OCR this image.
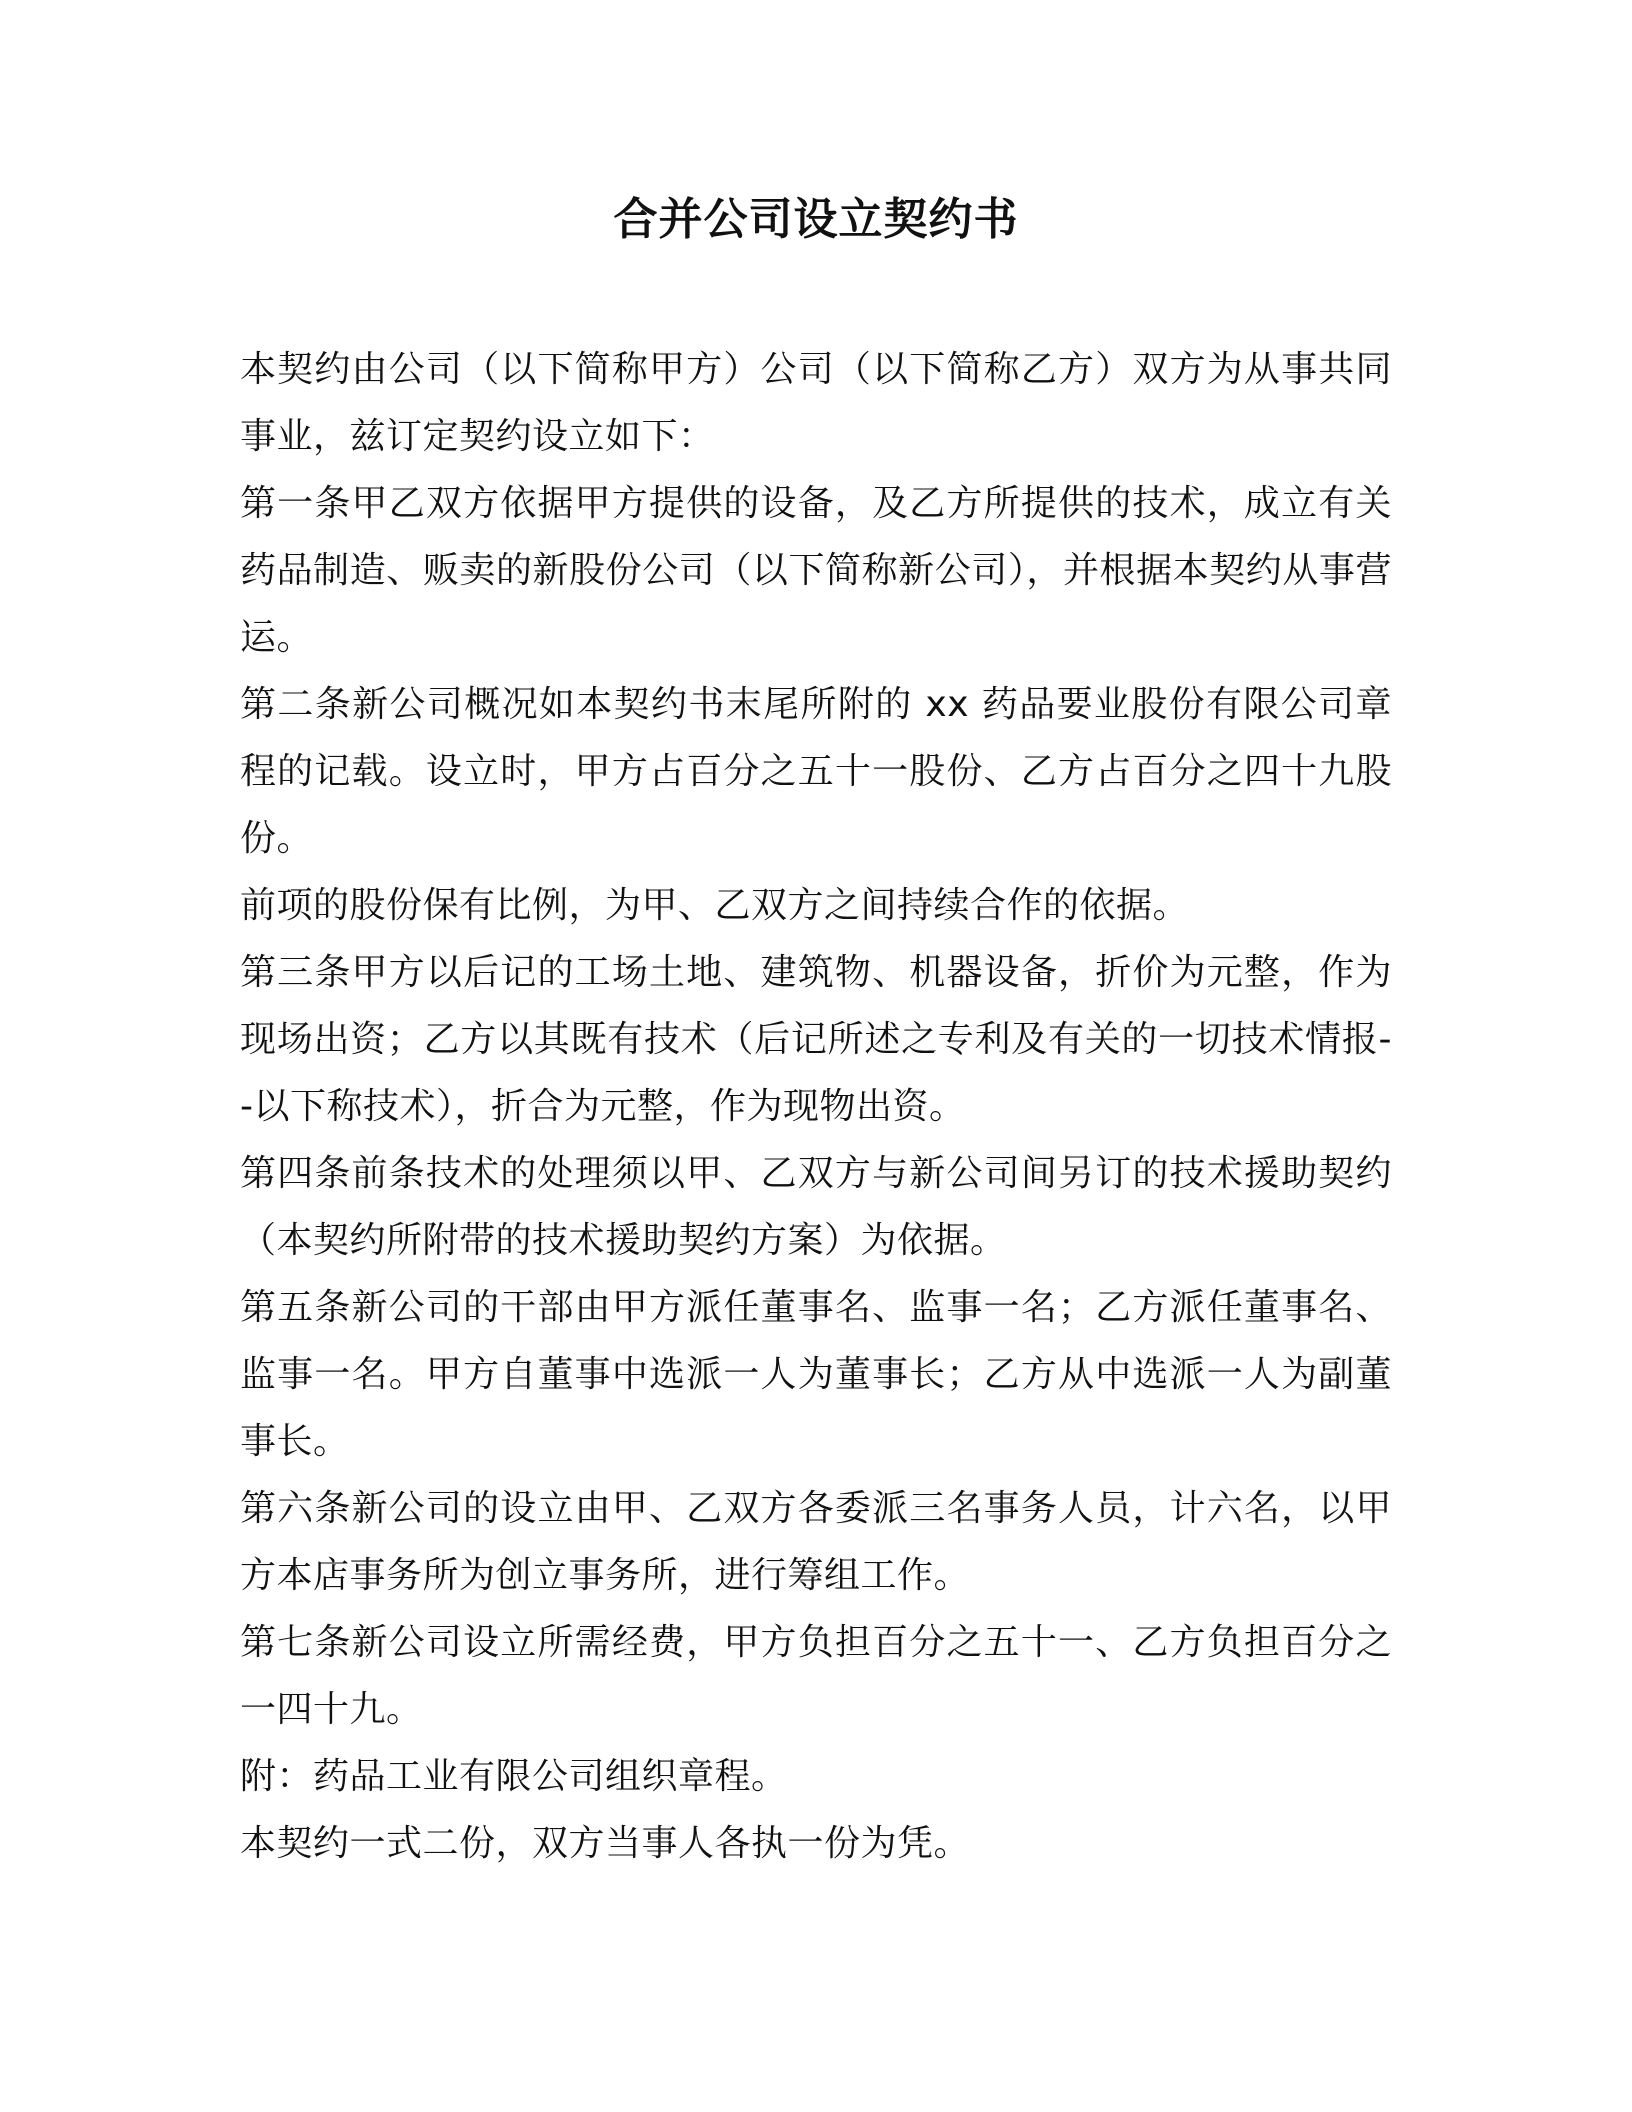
合并公司设立契约书

本契约由公司（以下简称甲方）公司（以下简称乙方）双方为从事共同事业，兹订定契约设立如下：

第一条甲乙双方依据甲方提供的设备，及乙方所提供的技术，成立有关药品制造、贩卖的新股份公司（以下简称新公司），并根据本契约从事营运。

第二条新公司概况如本契约书末尾所附的 xx 药品要业股份有限公司章程的记载。设立时，甲方占百分之五十一股份、乙方占百分之四十九股份。

前项的股份保有比例，为甲、乙双方之间持续合作的依据。

第三条甲方以后记的工场土地、建筑物、机器设备，折价为元整，作为现场出资；乙方以其既有技术（后记所述之专利及有关的一切技术情报--以下称技术），折合为元整，作为现物出资。

第四条前条技术的处理须以甲、乙双方与新公司间另订的技术援助契约（本契约所附带的技术援助契约方案）为依据。

第五条新公司的干部由甲方派任董事名、监事一名；乙方派任董事名、监事一名。甲方自董事中选派一人为董事长；乙方从中选派一人为副董事长。

第六条新公司的设立由甲、乙双方各委派三名事务人员，计六名，以甲方本店事务所为创立事务所，进行筹组工作。

第七条新公司设立所需经费，甲方负担百分之五十一、乙方负担百分之一四十九。

附：药品工业有限公司组织章程。

本契约一式二份，双方当事人各执一份为凭。
